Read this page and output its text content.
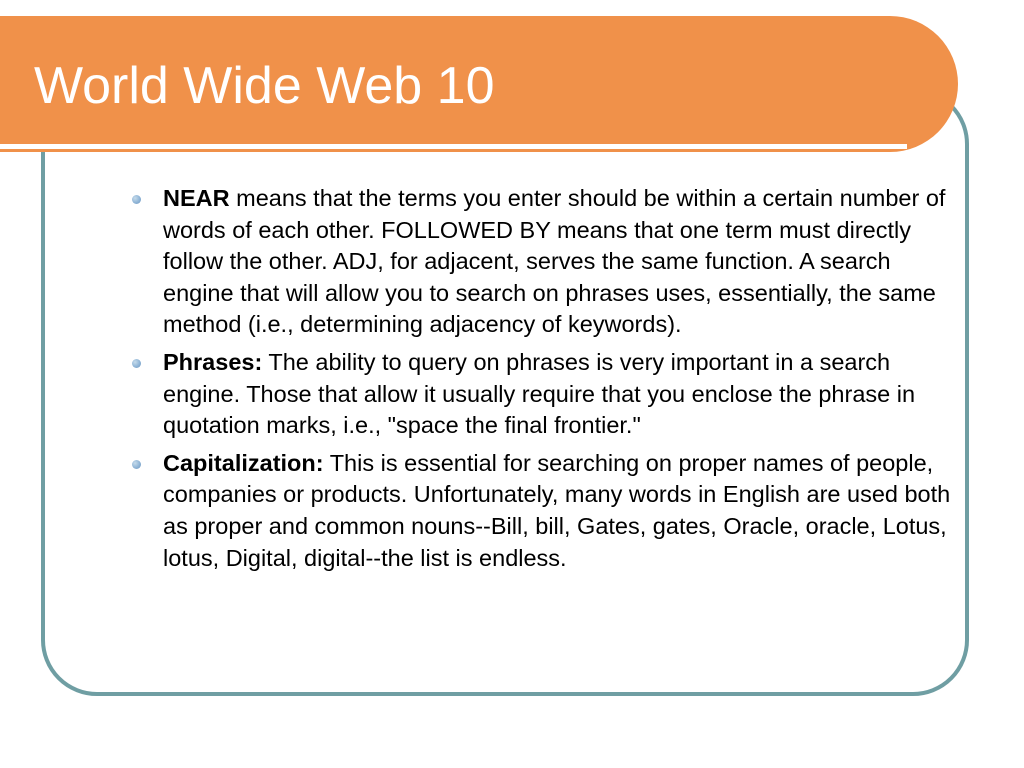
World Wide Web 10
NEAR means that the terms you enter should be within a certain number of words of each other. FOLLOWED BY means that one term must directly follow the other. ADJ, for adjacent, serves the same function. A search engine that will allow you to search on phrases uses, essentially, the same method (i.e., determining adjacency of keywords).
Phrases: The ability to query on phrases is very important in a search engine. Those that allow it usually require that you enclose the phrase in quotation marks, i.e., "space the final frontier."
Capitalization: This is essential for searching on proper names of people, companies or products. Unfortunately, many words in English are used both as proper and common nouns--Bill, bill, Gates, gates, Oracle, oracle, Lotus, lotus, Digital, digital--the list is endless.
